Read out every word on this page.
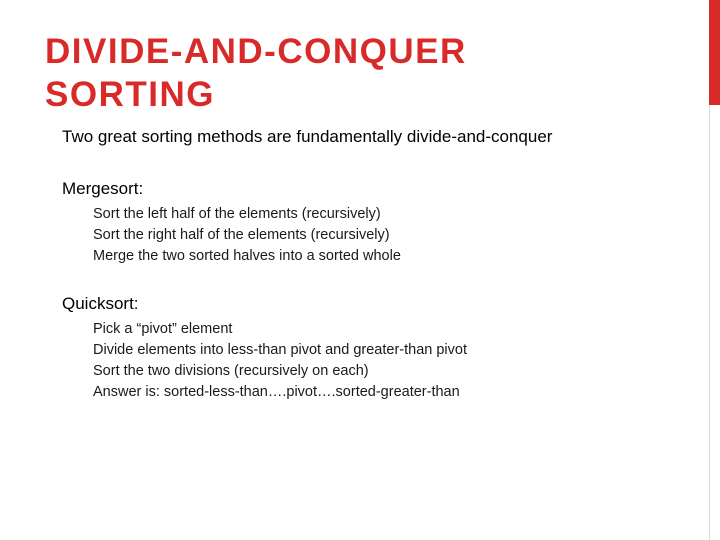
DIVIDE-AND-CONQUER
SORTING

Two great sorting methods are fundamentally divide-and-conquer

Mergesort:

Sort the left half of the elements (recursively)
Sort the right half of the elements (recursively)
Merge the two sorted halves into a sorted whole

Quicksort:

Pick a “pivot” element
Divide elements into less-than pivot and greater-than pivot
Sort the two divisions (recursively on each)
Answer is: sorted-less-than….pivot….sorted-greater-than
